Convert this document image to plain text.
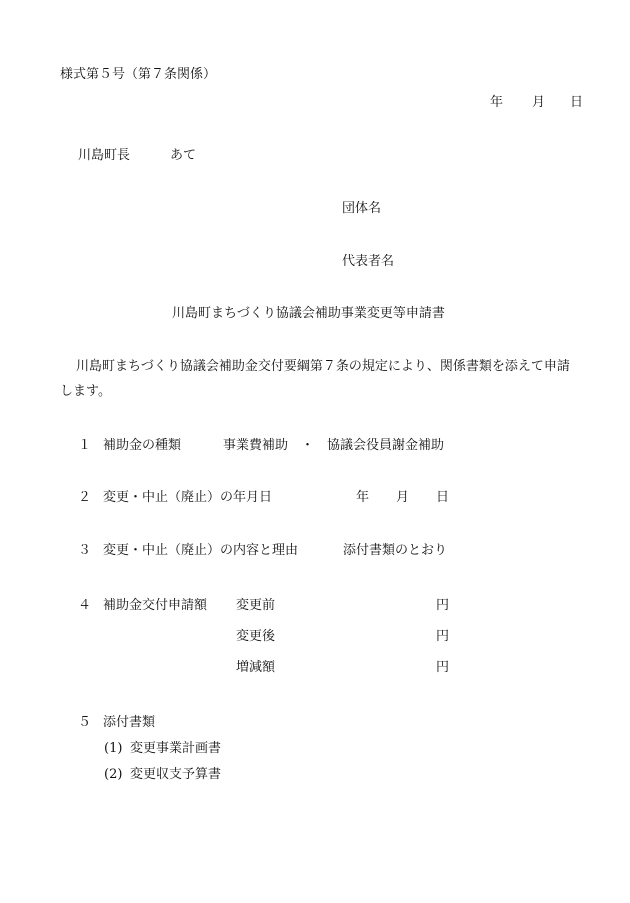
様式第５号（第７条関係）
年 月 日
川島町長	あて
団体名
代表者名
川島町まちづくり協議会補助事業変更等申請書
川島町まちづくり協議会補助金交付要綱第７条の規定により、関係書類を添えて申請
します。
１ 補助金の種類	事業費補助　・　協議会役員謝金補助
２ 変更・中止（廃止）の年月日	年 月 日
３ 変更・中止（廃止）の内容と理由	添付書類のとおり
４ 補助金交付申請額 変更前	円
変更後	円
増減額	円
５ 添付書類
(1) 変更事業計画書
(2) 変更収支予算書
